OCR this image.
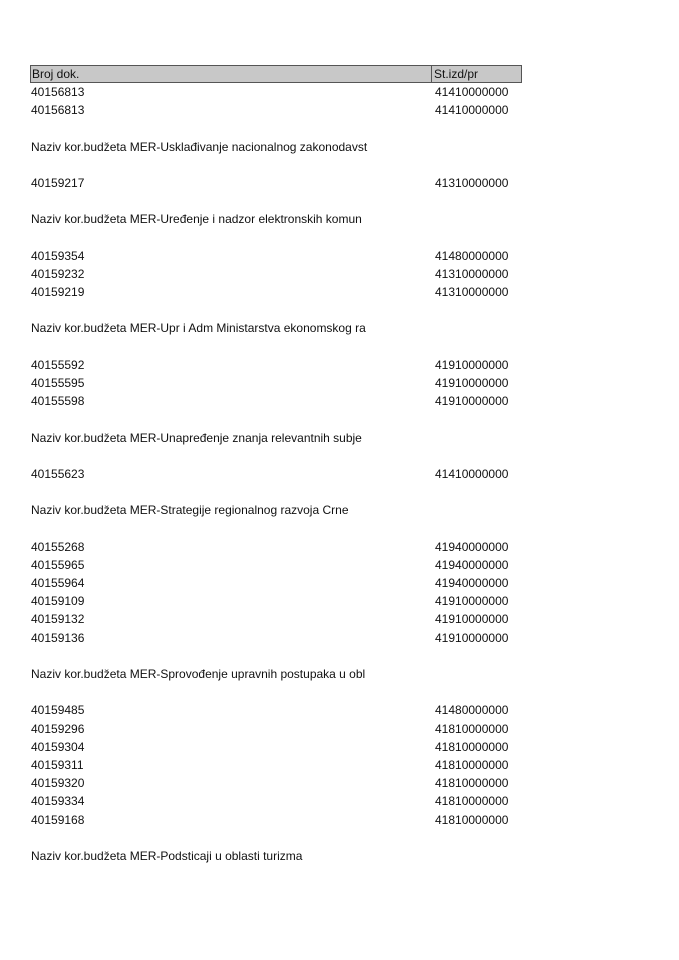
Broj dok.	St.izd/pr
40156813	41410000000
40156813	41410000000
Naziv kor.budžeta MER-Usklađivanje nacionalnog zakonodavst
40159217	41310000000
Naziv kor.budžeta MER-Uređenje i nadzor elektronskih komun
40159354	41480000000
40159232	41310000000
40159219	41310000000
Naziv kor.budžeta MER-Upr i Adm Ministarstva ekonomskog ra
40155592	41910000000
40155595	41910000000
40155598	41910000000
Naziv kor.budžeta MER-Unapređenje znanja relevantnih subje
40155623	41410000000
Naziv kor.budžeta MER-Strategije regionalnog razvoja Crne
40155268	41940000000
40155965	41940000000
40155964	41940000000
40159109	41910000000
40159132	41910000000
40159136	41910000000
Naziv kor.budžeta MER-Sprovođenje upravnih postupaka u obl
40159485	41480000000
40159296	41810000000
40159304	41810000000
40159311	41810000000
40159320	41810000000
40159334	41810000000
40159168	41810000000
Naziv kor.budžeta MER-Podsticaji u oblasti turizma
